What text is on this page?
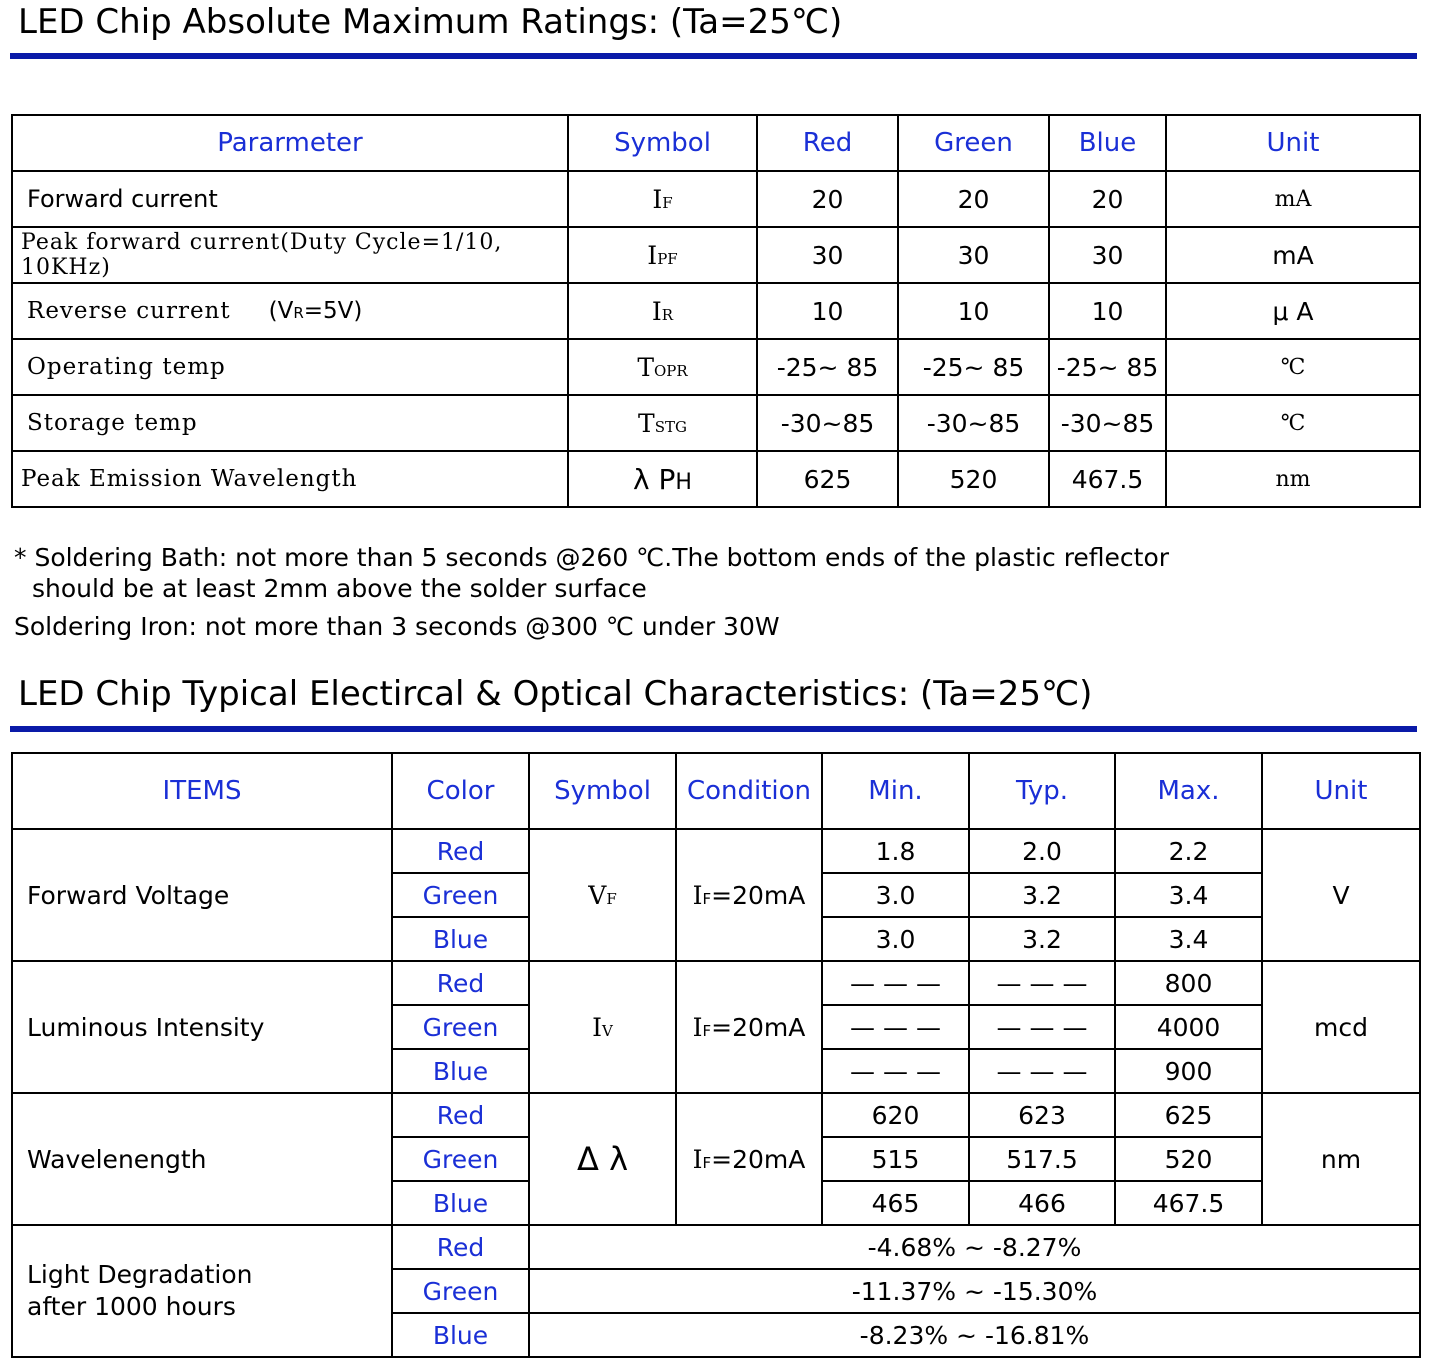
LED Chip Absolute Maximum Ratings: (Ta=25℃)
Pararmeter	Symbol	Red	Green	Blue	Unit
Forward current	IF	20	20	20	mA
Peak forward current(Duty Cycle=1/10, 10KHz)	IPF	30	30	30	mA
Reverse current (VR=5V)	IR	10	10	10	μ A
Operating temp	TOPR	-25~ 85	-25~ 85	-25~ 85	℃
Storage temp	TSTG	-30~85	-30~85	-30~85	℃
Peak Emission Wavelength	λ PH	625	520	467.5	nm
* Soldering Bath: not more than 5 seconds @260 ℃.The bottom ends of the plastic reflector
should be at least 2mm above the solder surface
Soldering Iron: not more than 3 seconds @300 ℃ under 30W
LED Chip Typical Electircal & Optical Characteristics: (Ta=25℃)
ITEMS	Color	Symbol	Condition	Min.	Typ.	Max.	Unit
Forward Voltage	Red	VF	IF=20mA	1.8	2.0	2.2	V
	Green			3.0	3.2	3.4	
	Blue			3.0	3.2	3.4	
Luminous Intensity	Red	IV	IF=20mA	— — —	— — —	800	mcd
	Green			— — —	— — —	4000	
	Blue			— — —	— — —	900	
Wavelenength	Red	Δ λ	IF=20mA	620	623	625	nm
	Green			515	517.5	520	
	Blue			465	466	467.5	

Light Degradation
after 1000 hours	Red	-4.68% ~ -8.27%					
	Green	-11.37% ~ -15.30%					
	Blue	-8.23% ~ -16.81%					
